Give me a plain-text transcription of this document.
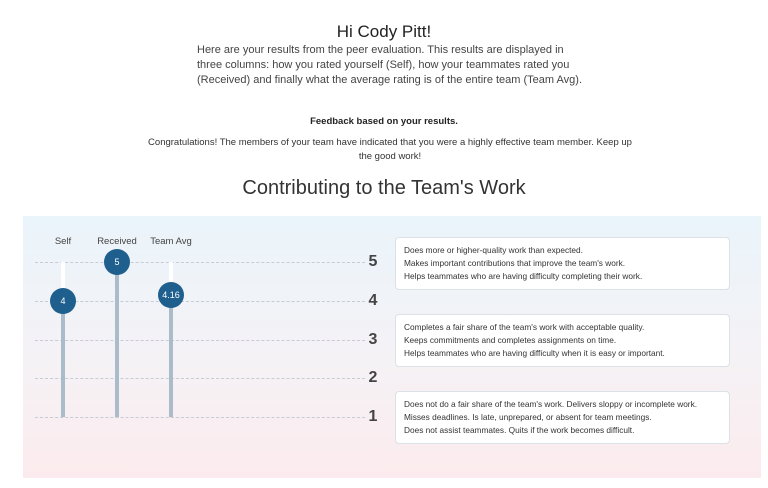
Hi Cody Pitt!
Here are your results from the peer evaluation. This results are displayed in three columns: how you rated yourself (Self), how your teammates rated you (Received) and finally what the average rating is of the entire team (Team Avg).
Feedback based on your results.
Congratulations! The members of your team have indicated that you were a highly effective team member. Keep up the good work!
Contributing to the Team's Work
Self	Received Team Avg
1
2
3
4
5
4
5
4.16
Does more or higher-quality work than expected.
Makes important contributions that improve the team's work.
Helps teammates who are having difficulty completing their work.
Completes a fair share of the team's work with acceptable quality.
Keeps commitments and completes assignments on time.
Helps teammates who are having difficulty when it is easy or important.
Does not do a fair share of the team's work. Delivers sloppy or incomplete work.
Misses deadlines. Is late, unprepared, or absent for team meetings.
Does not assist teammates. Quits if the work becomes difficult.
